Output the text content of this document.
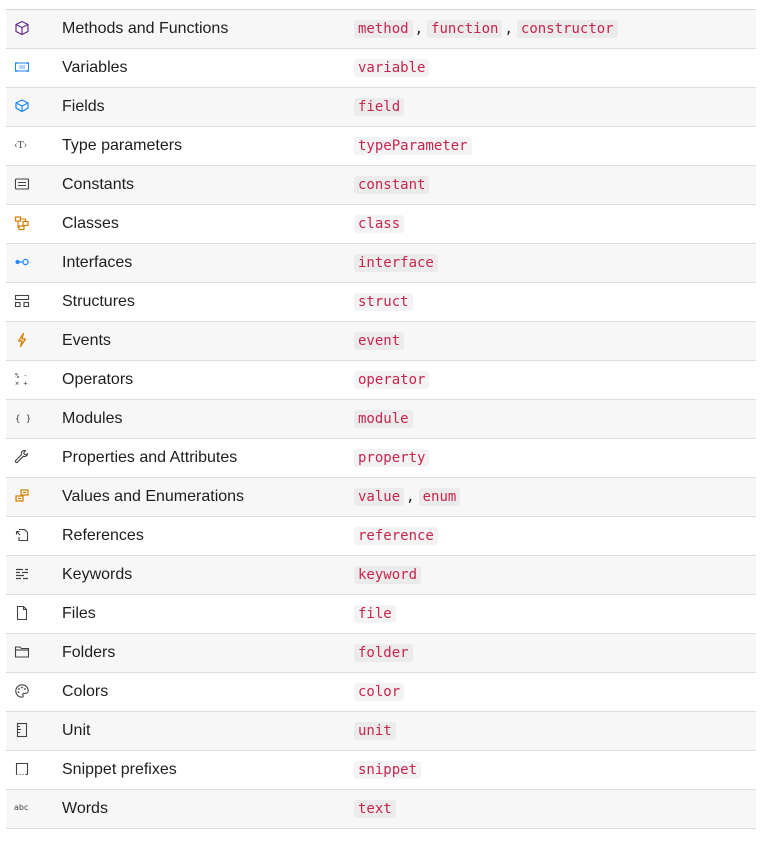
Methods and Functions	method , function , constructor
Variables	variable
Fields	field
‹T› Type parameters	typeParameter
Constants	constant
Classes	class
Interfaces	interface
Structures	struct
Events	event
% -
× + Operators	operator
{ } Modules	module
Properties and Attributes	property
Values and Enumerations	value , enum
References	reference
Keywords	keyword
Files	file
Folders	folder
Colors	color
Unit	unit
Snippet prefixes	snippet
abc Words	text
